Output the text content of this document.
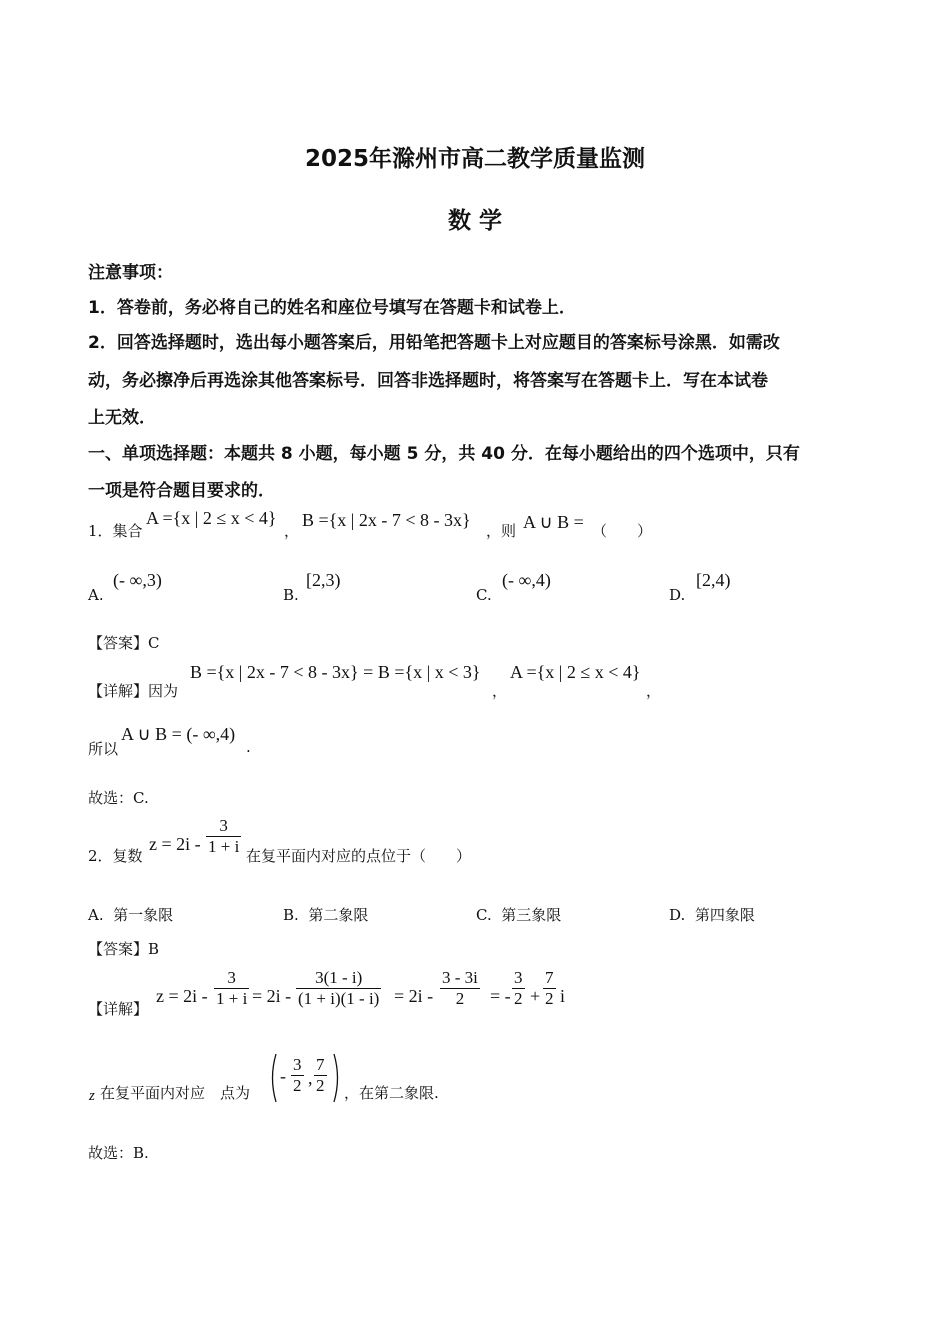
2025年滁州市高二教学质量监测
数 学
注意事项：
1．答卷前，务必将自己的姓名和座位号填写在答题卡和试卷上．
2．回答选择题时，选出每小题答案后，用铅笔把答题卡上对应题目的答案标号涂黑．如需改
动，务必擦净后再选涂其他答案标号．回答非选择题时，将答案写在答题卡上．写在本试卷
上无效．
一、单项选择题：本题共 8 小题，每小题 5 分，共 40 分．在每小题给出的四个选项中，只有
一项是符合题目要求的．
1．集合
A ={x | 2 ≤ x < 4}
，
B ={x | 2x - 7 < 8 - 3x}
，则 A ∪ B = （　　）
A.
(- ∞,3)
B.
[2,3)
C.
(- ∞,4)
D.
[2,4)
【答案】C
【详解】因为
B ={x | 2x - 7 < 8 - 3x} = B ={x | x < 3}
，
A ={x | 2 ≤ x < 4}
，
所以
A ∪ B = (- ∞,4)
.
故选：C.
2．复数
$z = 2i - \frac{3}{1 + i}$ 在复平面内对应的点位于（　　）
A. 第一象限	B. 第二象限	C. 第三象限	D. 第四象限
【答案】B
【详解】
$z = 2i - \frac{3}{1 + i} = 2i - \frac{3(1 - i)}{(1 + i)(1 - i)} = 2i - \frac{3 - 3i}{2}$ = - $\frac{3}{2} + \frac{7}{2}$ i
z 在复平面内对应　点为
- $\frac{3}{2}$ , $\frac{7}{2}$ ，在第二象限.
故选：B.
